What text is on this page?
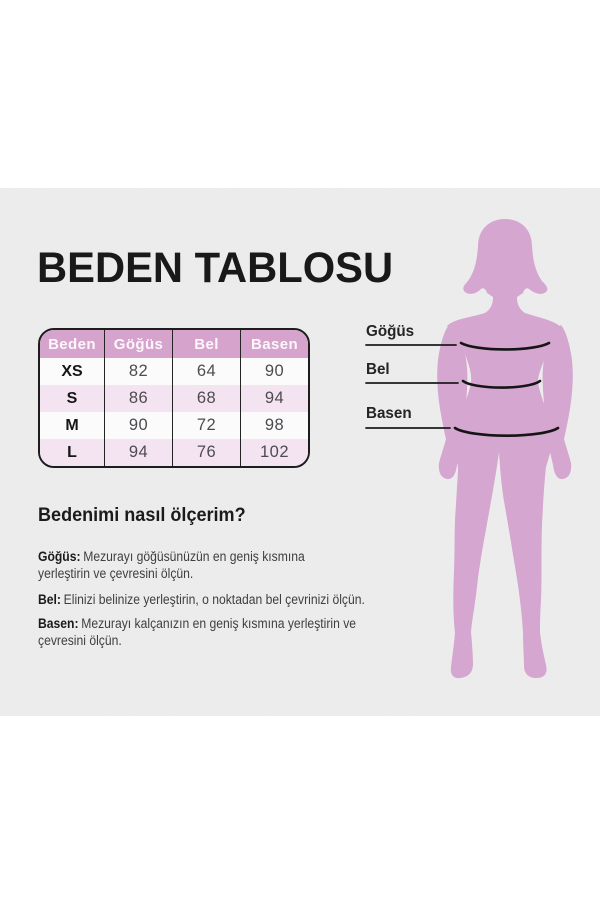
BEDEN TABLOSU
Beden	Göğüs	Bel	Basen
XS	82	64	90
S	86	68	94
M	90	72	98
L	94	76	102
Göğüs
Bel
Basen
Bedenimi nasıl ölçerim?

Göğüs: Mezurayı göğüsünüzün en geniş kısmına yerleştirin ve çevresini ölçün.

Bel: Elinizi belinize yerleştirin, o noktadan bel çevrinizi ölçün.

Basen: Mezurayı kalçanızın en geniş kısmına yerleştirin ve çevresini ölçün.
